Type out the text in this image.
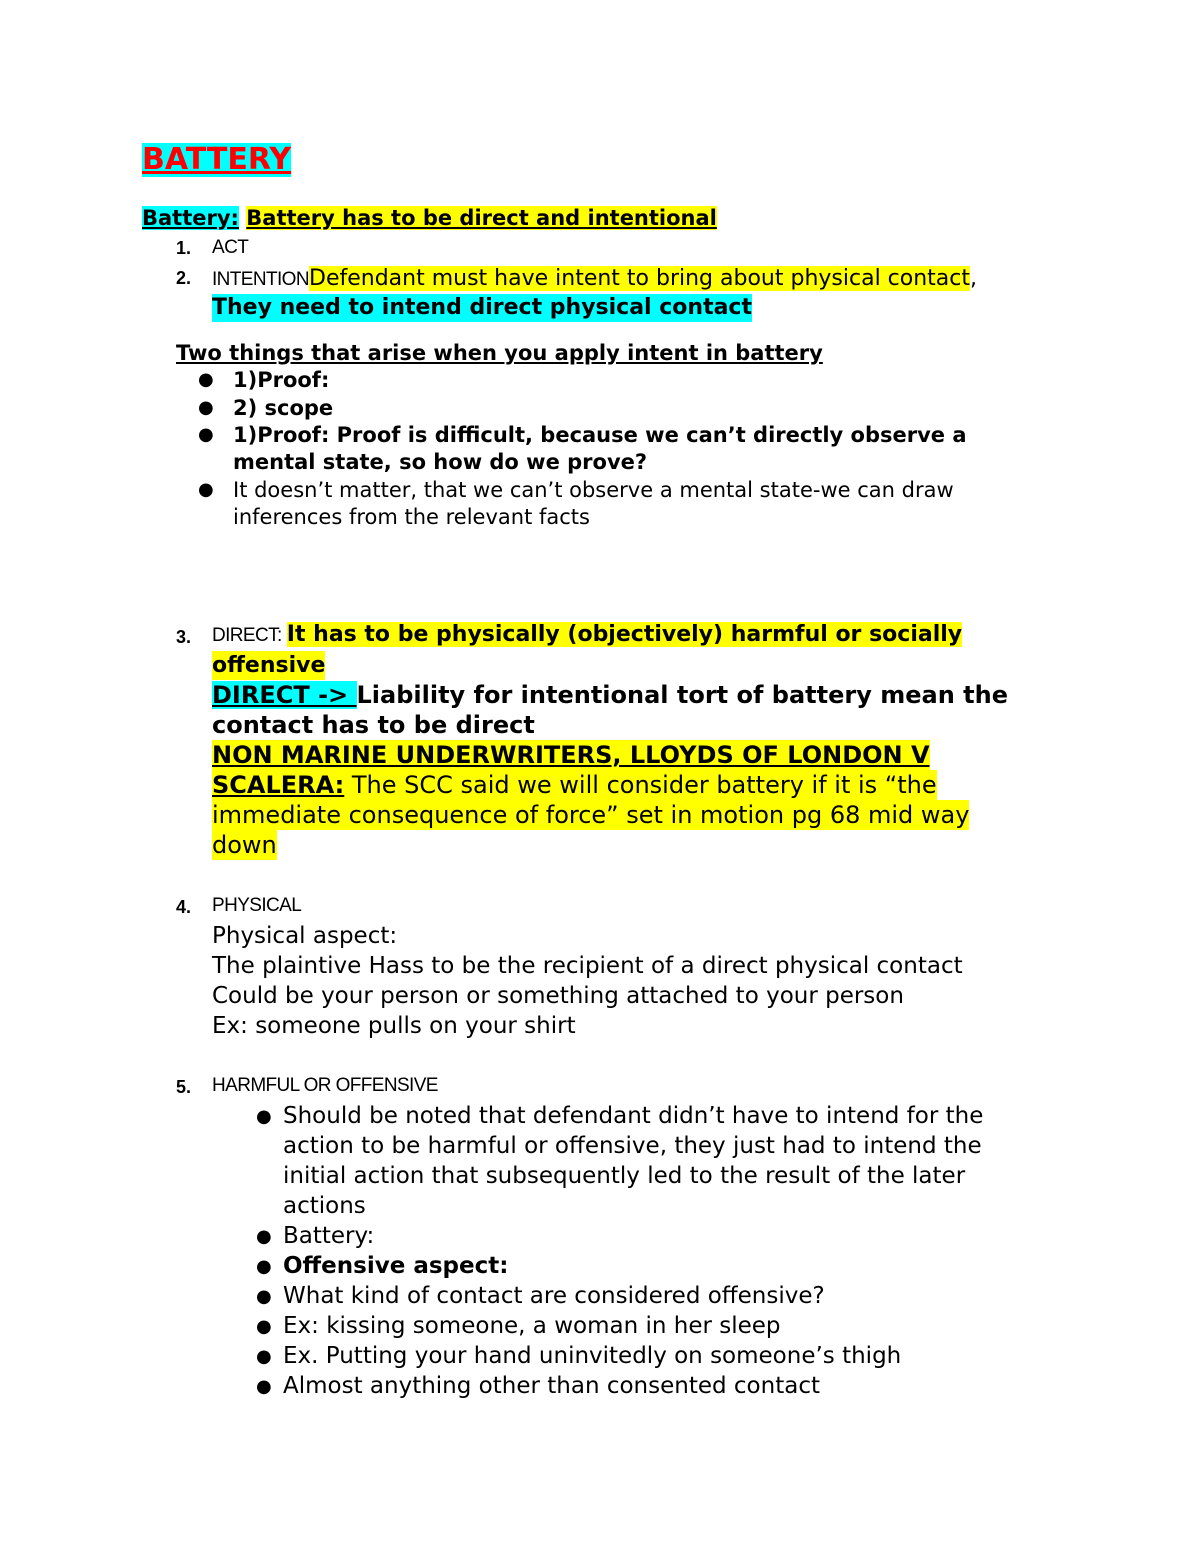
BATTERY
Battery: Battery has to be direct and intentional
1. ACT
2. INTENTIONDefendant must have intent to bring about physical contact,
They need to intend direct physical contact
Two things that arise when you apply intent in battery
● 1)Proof:
● 2) scope
● 1)Proof: Proof is difficult, because we can’t directly observe a
mental state, so how do we prove?
● It doesn’t matter, that we can’t observe a mental state-we can draw
inferences from the relevant facts
3. DIRECT: It has to be physically (objectively) harmful or socially
offensive
DIRECT -> Liability for intentional tort of battery mean the
contact has to be direct
NON MARINE UNDERWRITERS, LLOYDS OF LONDON V
SCALERA: The SCC said we will consider battery if it is “the
immediate consequence of force” set in motion pg 68 mid way
down
4. PHYSICAL
Physical aspect:
The plaintive Hass to be the recipient of a direct physical contact
Could be your person or something attached to your person
Ex: someone pulls on your shirt
5. HARMFUL OR OFFENSIVE
● Should be noted that defendant didn’t have to intend for the
action to be harmful or offensive, they just had to intend the
initial action that subsequently led to the result of the later
actions
● Battery:
● Offensive aspect:
● What kind of contact are considered offensive?
● Ex: kissing someone, a woman in her sleep
● Ex. Putting your hand uninvitedly on someone’s thigh
● Almost anything other than consented contact
